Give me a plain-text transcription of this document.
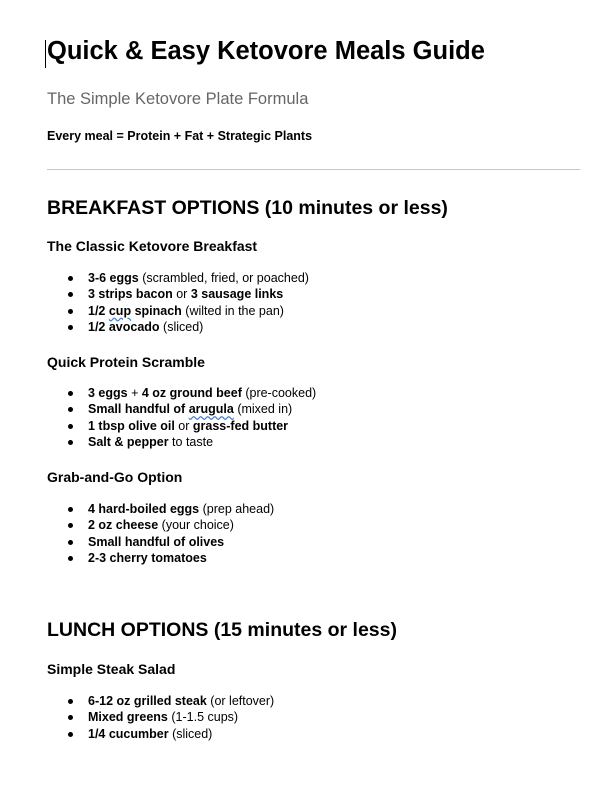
Quick & Easy Ketovore Meals Guide

The Simple Ketovore Plate Formula

Every meal = Protein + Fat + Strategic Plants

BREAKFAST OPTIONS (10 minutes or less)
The Classic Ketovore Breakfast
3-6 eggs (scrambled, fried, or poached)
3 strips bacon or 3 sausage links
1/2 cup spinach (wilted in the pan)
1/2 avocado (sliced)
Quick Protein Scramble
3 eggs + 4 oz ground beef (pre-cooked)
Small handful of arugula (mixed in)
1 tbsp olive oil or grass-fed butter
Salt & pepper to taste
Grab-and-Go Option
4 hard-boiled eggs (prep ahead)
2 oz cheese (your choice)
Small handful of olives
2-3 cherry tomatoes
LUNCH OPTIONS (15 minutes or less)
Simple Steak Salad
6-12 oz grilled steak (or leftover)
Mixed greens (1-1.5 cups)
1/4 cucumber (sliced)
